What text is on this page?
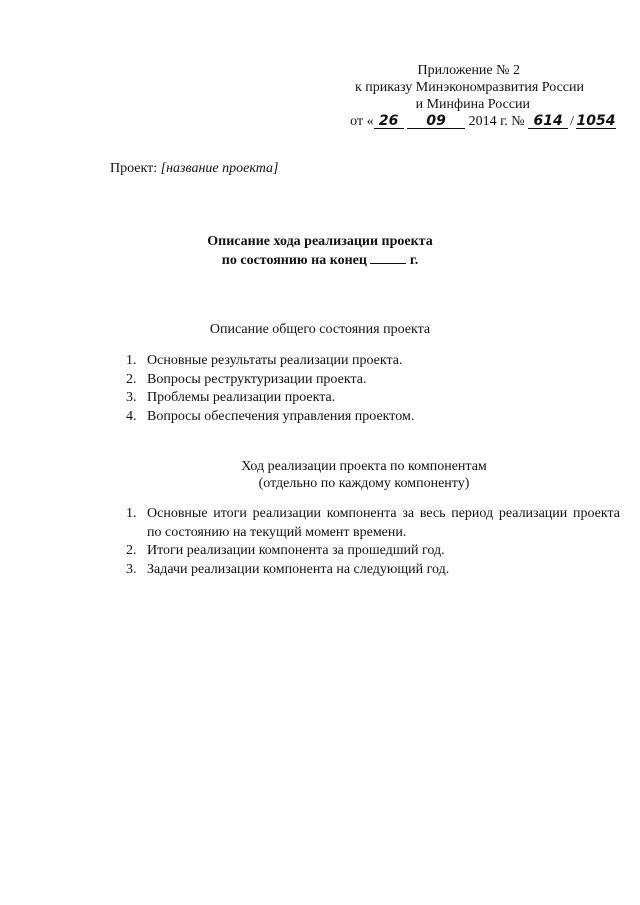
Приложение № 2
к приказу Минэкономразвития России
и Минфина России
от « 26 09 2014 г. № 614 / 1054
Проект: [название проекта]
Описание хода реализации проекта
по состоянию на конец	г.
Описание общего состояния проекта
1. Основные результаты реализации проекта.
2. Вопросы реструктуризации проекта.
3. Проблемы реализации проекта.
4. Вопросы обеспечения управления проектом.
Ход реализации проекта по компонентам
(отдельно по каждому компоненту)
1. Основные итоги реализации компонента за весь период реализации проекта по состоянию на текущий момент времени.
2. Итоги реализации компонента за прошедший год.
3. Задачи реализации компонента на следующий год.
